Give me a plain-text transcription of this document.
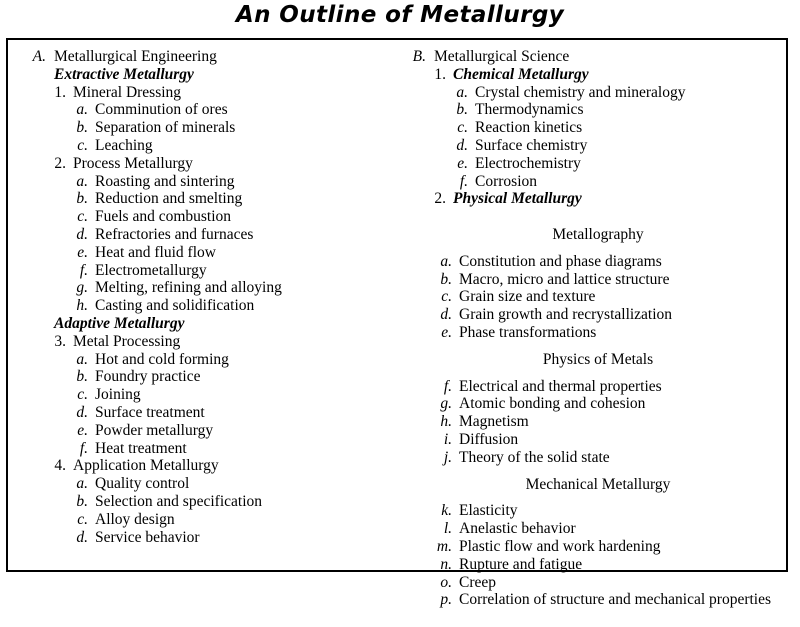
An Outline of Metallurgy
A. Metallurgical Engineering
Extractive Metallurgy
1. Mineral Dressing
a. Comminution of ores
b. Separation of minerals
c. Leaching
2. Process Metallurgy
a. Roasting and sintering
b. Reduction and smelting
c. Fuels and combustion
d. Refractories and furnaces
e. Heat and fluid flow
f. Electrometallurgy
g. Melting, refining and alloying
h. Casting and solidification
Adaptive Metallurgy
3. Metal Processing
a. Hot and cold forming
b. Foundry practice
c. Joining
d. Surface treatment
e. Powder metallurgy
f. Heat treatment
4. Application Metallurgy
a. Quality control
b. Selection and specification
c. Alloy design
d. Service behavior
B. Metallurgical Science
1. Chemical Metallurgy
a. Crystal chemistry and mineralogy
b. Thermodynamics
c. Reaction kinetics
d. Surface chemistry
e. Electrochemistry
f. Corrosion
2. Physical Metallurgy
Metallography
a. Constitution and phase diagrams
b. Macro, micro and lattice structure
c. Grain size and texture
d. Grain growth and recrystallization
e. Phase transformations
Physics of Metals
f. Electrical and thermal properties
g. Atomic bonding and cohesion
h. Magnetism
i. Diffusion
j. Theory of the solid state
Mechanical Metallurgy
k. Elasticity
l. Anelastic behavior
m. Plastic flow and work hardening
n. Rupture and fatigue
o. Creep
p. Correlation of structure and mechanical properties
